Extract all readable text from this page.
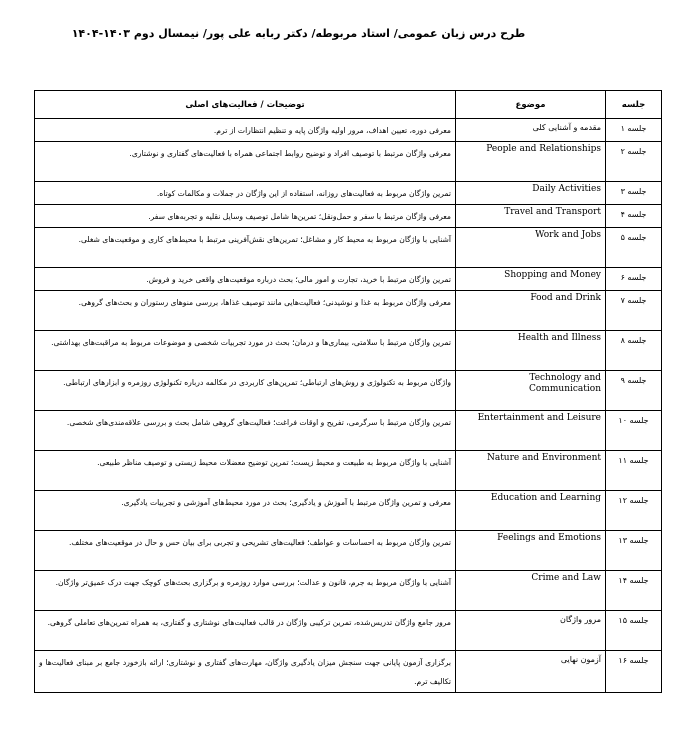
طرح درس زبان عمومی/ استاد مربوطه/ دکتر ربابه علی پور/ نیمسال دوم ۱۴۰۳-۱۴۰۴
جلسه	موضوع	توضیحات / فعالیت‌های اصلی
جلسه ۱	مقدمه و آشنایی کلی	معرفی دوره، تعیین اهداف، مرور اولیه واژگان پایه و تنظیم انتظارات از ترم.
جلسه ۲	People and Relationships	معرفی واژگان مرتبط با توصیف افراد و توضیح روابط اجتماعی همراه با فعالیت‌های گفتاری و نوشتاری.
جلسه ۳	Daily Activities	تمرین واژگان مربوط به فعالیت‌های روزانه، استفاده از این واژگان در جملات و مکالمات کوتاه.
جلسه ۴	Travel and Transport	معرفی واژگان مرتبط با سفر و حمل‌ونقل؛ تمرین‌ها شامل توصیف وسایل نقلیه و تجربه‌های سفر.
جلسه ۵	Work and Jobs	آشنایی با واژگان مربوط به محیط کار و مشاغل؛ تمرین‌های نقش‌آفرینی مرتبط با محیط‌های کاری و موقعیت‌های شغلی.
جلسه ۶	Shopping and Money	تمرین واژگان مرتبط با خرید، تجارت و امور مالی؛ بحث درباره موقعیت‌های واقعی خرید و فروش.
جلسه ۷	Food and Drink	معرفی واژگان مربوط به غذا و نوشیدنی؛ فعالیت‌هایی مانند توصیف غذاها، بررسی منوهای رستوران و بحث‌های گروهی.
جلسه ۸	Health and Illness	تمرین واژگان مرتبط با سلامتی، بیماری‌ها و درمان؛ بحث در مورد تجربیات شخصی و موضوعات مربوط به مراقبت‌های بهداشتی.
جلسه ۹	Technology and Communication	واژگان مربوط به تکنولوژی و روش‌های ارتباطی؛ تمرین‌های کاربردی در مکالمه درباره تکنولوژی روزمره و ابزارهای ارتباطی.
جلسه ۱۰	Entertainment and Leisure	تمرین واژگان مرتبط با سرگرمی، تفریح و اوقات فراغت؛ فعالیت‌های گروهی شامل بحث و بررسی علاقه‌مندی‌های شخصی.
جلسه ۱۱	Nature and Environment	آشنایی با واژگان مربوط به طبیعت و محیط زیست؛ تمرین توضیح معضلات محیط زیستی و توصیف مناظر طبیعی.
جلسه ۱۲	Education and Learning	معرفی و تمرین واژگان مرتبط با آموزش و یادگیری؛ بحث در مورد محیط‌های آموزشی و تجربیات یادگیری.
جلسه ۱۳	Feelings and Emotions	تمرین واژگان مربوط به احساسات و عواطف؛ فعالیت‌های تشریحی و تجربی برای بیان حس و حال در موقعیت‌های مختلف.
جلسه ۱۴	Crime and Law	آشنایی با واژگان مربوط به جرم، قانون و عدالت؛ بررسی موارد روزمره و برگزاری بحث‌های کوچک جهت درک عمیق‌تر واژگان.
جلسه ۱۵	مرور واژگان	مرور جامع واژگان تدریس‌شده، تمرین ترکیبی واژگان در قالب فعالیت‌های نوشتاری و گفتاری، به همراه تمرین‌های تعاملی گروهی.
جلسه ۱۶	آزمون نهایی	برگزاری آزمون پایانی جهت سنجش میزان یادگیری واژگان، مهارت‌های گفتاری و نوشتاری؛ ارائه بازخورد جامع بر مبنای فعالیت‌ها و تکالیف ترم.
